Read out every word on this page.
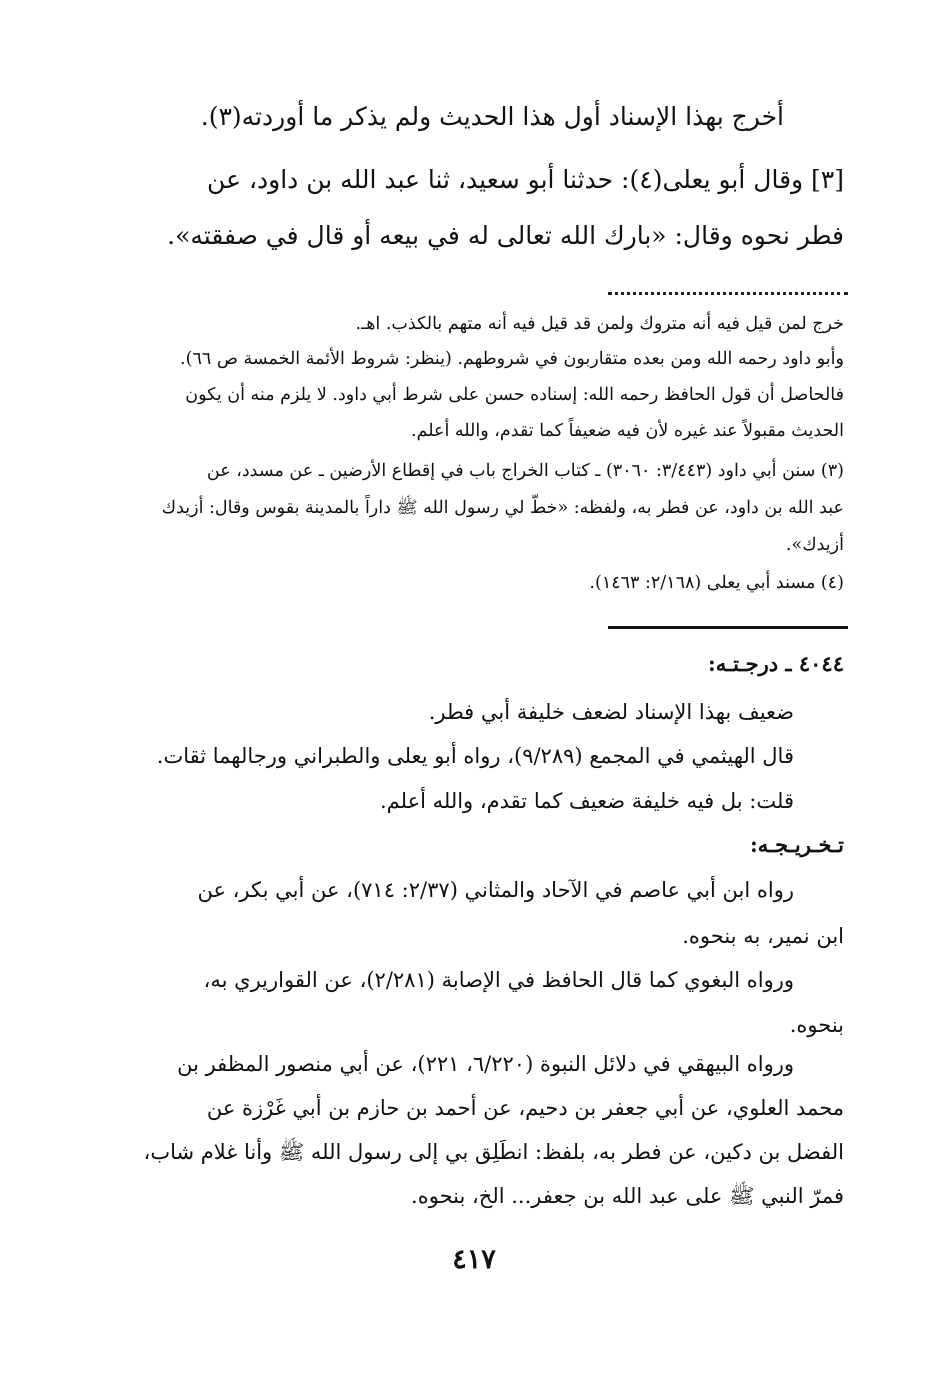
أخرج بهذا الإسناد أول هذا الحديث ولم يذكر ما أوردته(٣).

[٣] وقال أبو يعلى(٤): حدثنا أبو سعيد، ثنا عبد الله بن داود، عن

فطر نحوه وقال: «بارك الله تعالى له في بيعه أو قال في صفقته».

خرج لمن قيل فيه أنه متروك ولمن قد قيل فيه أنه متهم بالكذب. اهـ.

وأبو داود رحمه الله ومن بعده متقاربون في شروطهم. (ينظر: شروط الأئمة الخمسة ص ٦٦).

فالحاصل أن قول الحافظ رحمه الله: إسناده حسن على شرط أبي داود. لا يلزم منه أن يكون

الحديث مقبولاً عند غيره لأن فيه ضعيفاً كما تقدم، والله أعلم.

(٣) سنن أبي داود (٣/٤٤٣: ٣٠٦٠) ـ كتاب الخراج باب في إقطاع الأرضين ـ عن مسدد، عن

عبد الله بن داود، عن فطر به، ولفظه: «خطّ لي رسول الله ﷺ داراً بالمدينة بقوس وقال: أزيدك

أزيدك».

(٤) مسند أبي يعلى (٢/١٦٨: ١٤٦٣).

٤٠٤٤ ـ درجـتـه:

ضعيف بهذا الإسناد لضعف خليفة أبي فطر.

قال الهيثمي في المجمع (٩/٢٨٩)، رواه أبو يعلى والطبراني ورجالهما ثقات.

قلت: بل فيه خليفة ضعيف كما تقدم، والله أعلم.

تـخـريـجـه:

رواه ابن أبي عاصم في الآحاد والمثاني (٢/٣٧: ٧١٤)، عن أبي بكر، عن

ابن نمير، به بنحوه.

ورواه البغوي كما قال الحافظ في الإصابة (٢/٢٨١)، عن القواريري به،

بنحوه.

ورواه البيهقي في دلائل النبوة (٦/٢٢٠، ٢٢١)، عن أبي منصور المظفر بن

محمد العلوي، عن أبي جعفر بن دحيم، عن أحمد بن حازم بن أبي غَرْزة عن

الفضل بن دكين، عن فطر به، بلفظ: انطَلِق بي إلى رسول الله ﷺ وأنا غلام شاب،

فمرّ النبي ﷺ على عبد الله بن جعفر... الخ، بنحوه.

٤١٧
